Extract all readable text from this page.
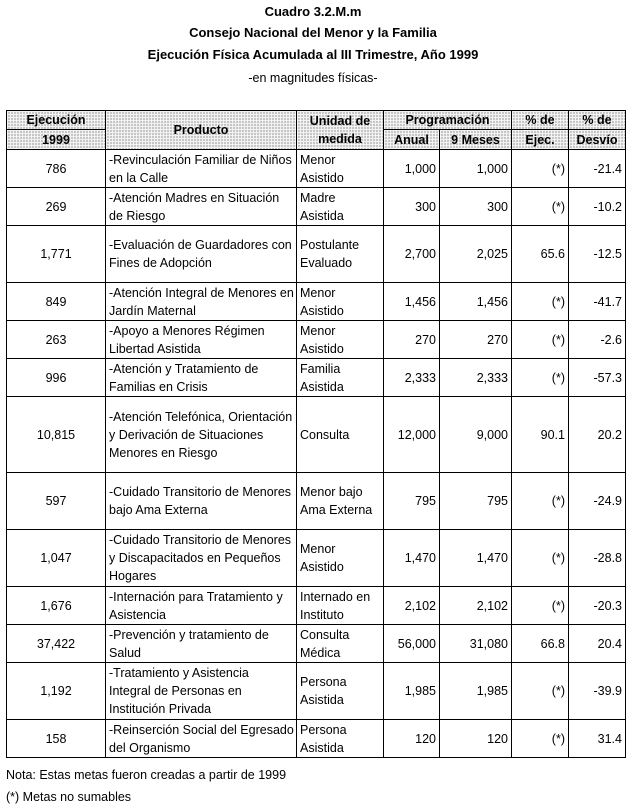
Cuadro 3.2.M.m
Consejo Nacional del Menor y la Familia
Ejecución Física Acumulada al III Trimestre, Año 1999
-en magnitudes físicas-
Ejecución	Producto	Unidad de medida	Programación		% de	% de
1999			Anual	9 Meses	Ejec.	Desvío
786	-Revinculación Familiar de Niños en la Calle	Menor Asistido	1,000	1,000	(*)	-21.4
269	-Atención Madres en Situación de Riesgo	Madre Asistida	300	300	(*)	-10.2
1,771	-Evaluación de Guardadores con Fines de Adopción	Postulante Evaluado	2,700	2,025	65.6	-12.5
849	-Atención Integral de Menores en Jardín Maternal	Menor Asistido	1,456	1,456	(*)	-41.7
263	-Apoyo a Menores Régimen Libertad Asistida	Menor Asistido	270	270	(*)	-2.6
996	-Atención y Tratamiento de Familias en Crisis	Familia Asistida	2,333	2,333	(*)	-57.3
10,815	-Atención Telefónica, Orientación y Derivación de Situaciones Menores en Riesgo	Consulta	12,000	9,000	90.1	20.2
597	-Cuidado Transitorio de Menores bajo Ama Externa	Menor bajo Ama Externa	795	795	(*)	-24.9
1,047	-Cuidado Transitorio de Menores y Discapacitados en Pequeños Hogares	Menor Asistido	1,470	1,470	(*)	-28.8
1,676	-Internación para Tratamiento y Asistencia	Internado en Instituto	2,102	2,102	(*)	-20.3
37,422	-Prevención y tratamiento de Salud	Consulta Médica	56,000	31,080	66.8	20.4
1,192	-Tratamiento y Asistencia Integral de Personas en Institución Privada	Persona Asistida	1,985	1,985	(*)	-39.9
158	-Reinserción Social del Egresado del Organismo	Persona Asistida	120	120	(*)	31.4
Nota: Estas metas fueron creadas a partir de 1999
(*) Metas no sumables
